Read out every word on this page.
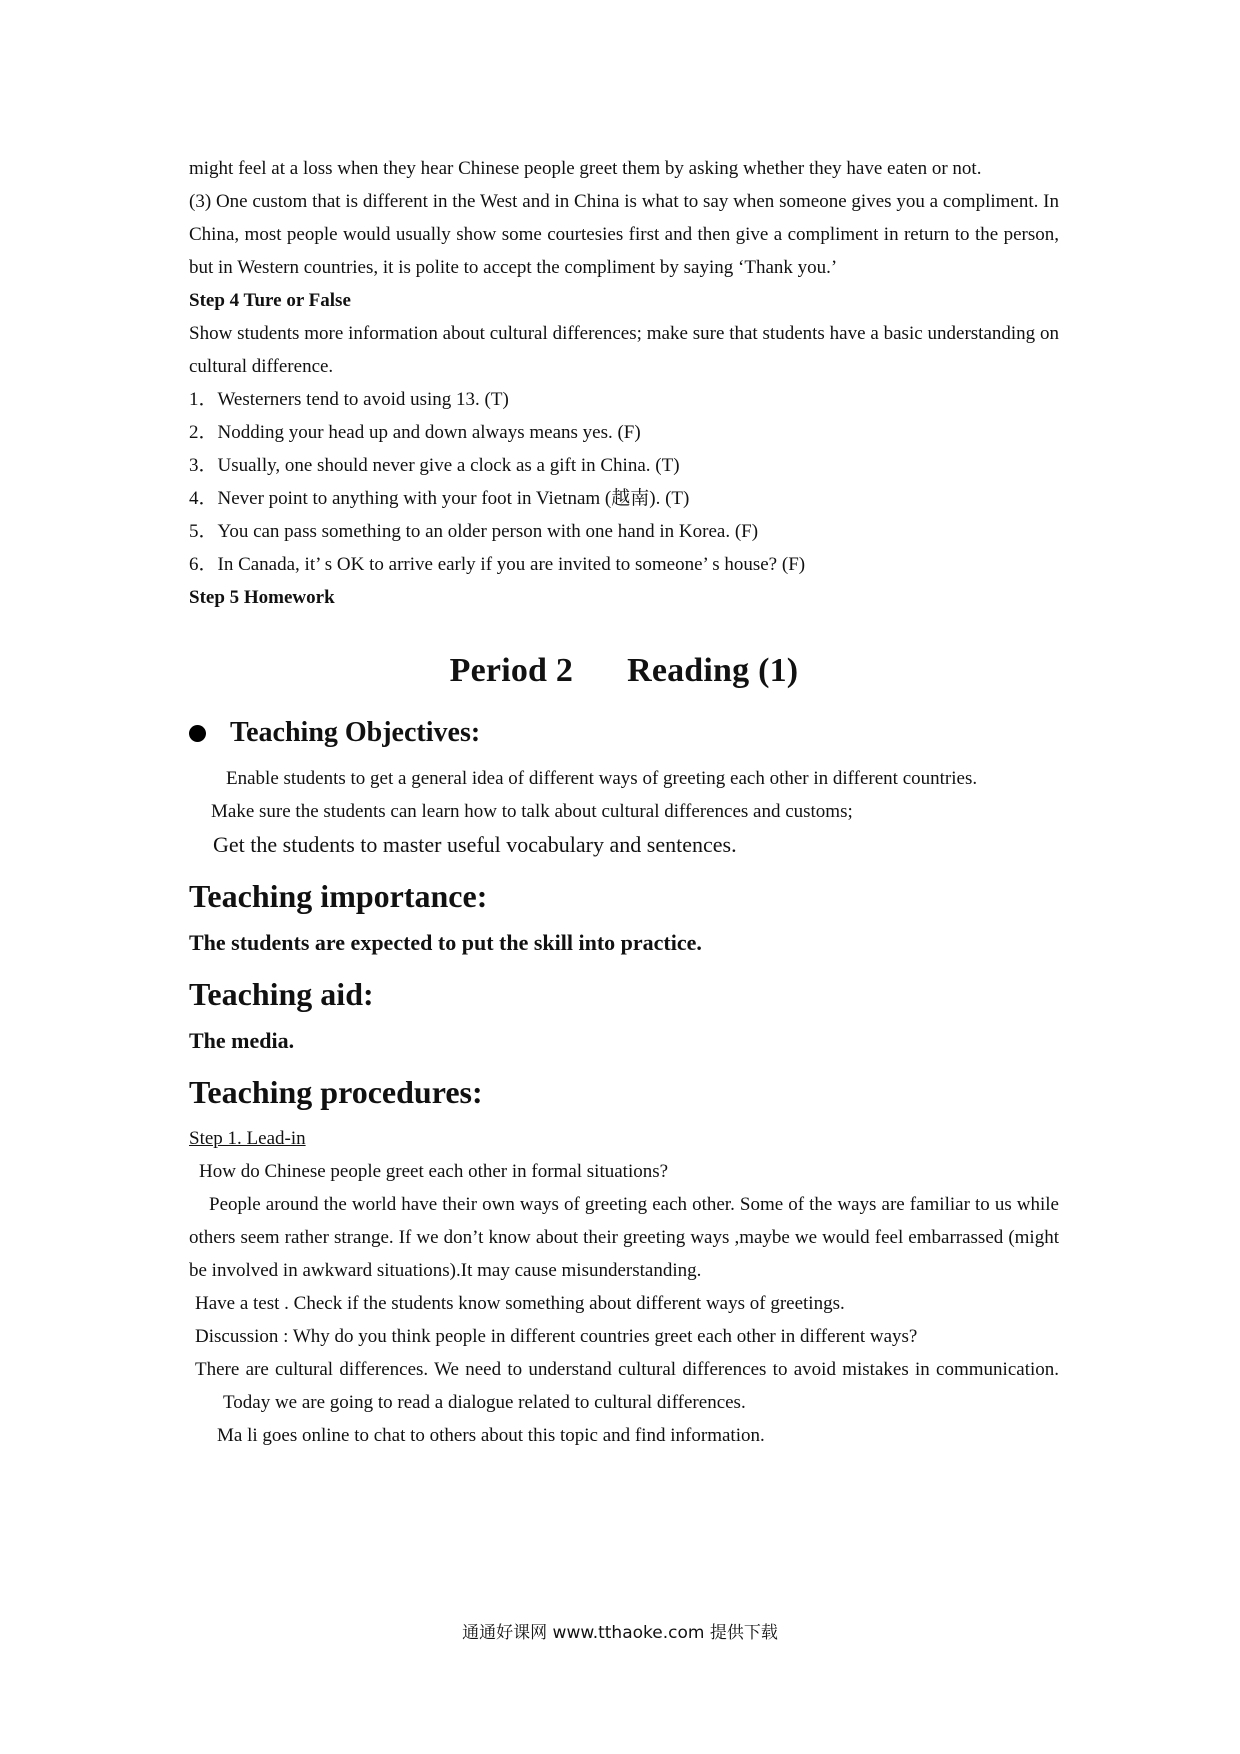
might feel at a loss when they hear Chinese people greet them by asking whether they have eaten or not.

(3) One custom that is different in the West and in China is what to say when someone gives you a compliment. In China, most people would usually show some courtesies first and then give a compliment in return to the person, but in Western countries, it is polite to accept the compliment by saying ‘Thank you.’

Step 4 Ture or False

Show students more information about cultural differences; make sure that students have a basic understanding on cultural difference.

1．Westerners tend to avoid using 13. (T)
2．Nodding your head up and down always means yes. (F)
3．Usually, one should never give a clock as a gift in China. (T)
4．Never point to anything with your foot in Vietnam (越南). (T)
5．You can pass something to an older person with one hand in Korea. (F)
6．In Canada, it’ s OK to arrive early if you are invited to someone’ s house? (F)

Step 5 Homework

Period 2 Reading (1)
Teaching Objectives:

Enable students to get a general idea of different ways of greeting each other in different countries.

Make sure the students can learn how to talk about cultural differences and customs;

Get the students to master useful vocabulary and sentences.

Teaching importance:

The students are expected to put the skill into practice.

Teaching aid:

The media.

Teaching procedures:

Step 1. Lead-in

How do Chinese people greet each other in formal situations?

People around the world have their own ways of greeting each other. Some of the ways are familiar to us while others seem rather strange. If we don’t know about their greeting ways ,maybe we would feel embarrassed (might be involved in awkward situations).It may cause misunderstanding.

Have a test . Check if the students know something about different ways of greetings.

Discussion : Why do you think people in different countries greet each other in different ways?

There are cultural differences. We need to understand cultural differences to avoid mistakes in communication. Today we are going to read a dialogue related to cultural differences.

Ma li goes online to chat to others about this topic and find information.

通通好课网 www.tthaoke.com 提供下载
